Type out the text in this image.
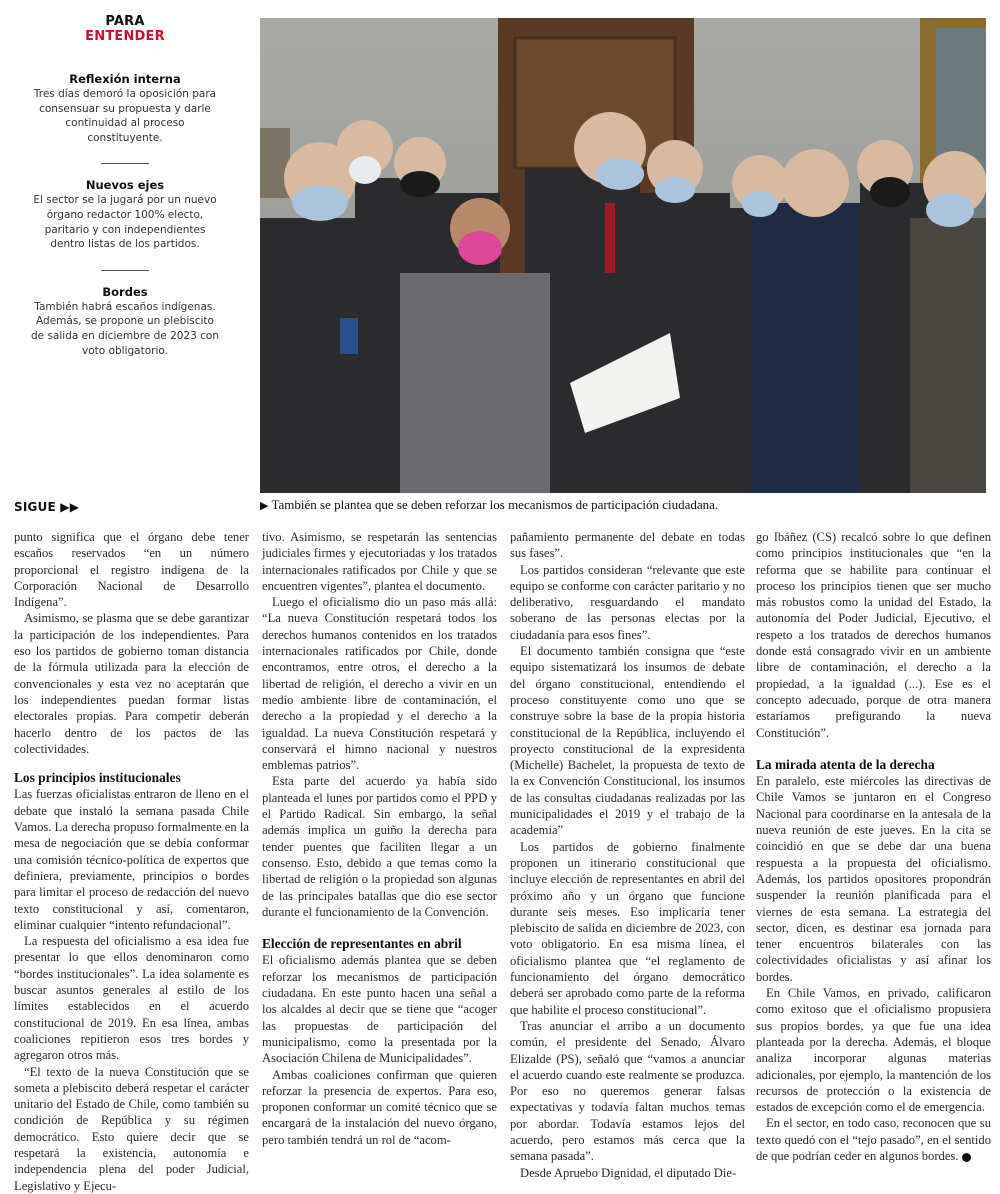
PARA
ENTENDER
Reflexión interna
Tres días demoró la oposición para consensuar su propuesta y darle continuidad al proceso constituyente.
Nuevos ejes
El sector se la jugará por un nuevo órgano redactor 100% electo, paritario y con independientes dentro listas de los partidos.
Bordes
También habrá escaños indígenas. Además, se propone un plebiscito de salida en diciembre de 2023 con voto obligatorio.
▶ También se plantea que se deben reforzar los mecanismos de participación ciudadana.
SIGUE ▶▶

punto significa que el órgano debe tener escaños reservados “en un número proporcional el registro indígena de la Corporación Nacional de Desarrollo Indígena”.

Asimismo, se plasma que se debe garantizar la participación de los independientes. Para eso los partidos de gobierno toman distancia de la fórmula utilizada para la elección de convencionales y esta vez no aceptarán que los independientes puedan formar listas electorales propias. Para competir deberán hacerlo dentro de los pactos de las colectividades.

Los principios institucionales

Las fuerzas oficialistas entraron de lleno en el debate que instaló la semana pasada Chile Vamos. La derecha propuso formalmente en la mesa de negociación que se debía conformar una comisión técnico-política de expertos que definiera, previamente, principios o bordes para limitar el proceso de redacción del nuevo texto constitucional y así, comentaron, eliminar cualquier “intento refundacional”.

La respuesta del oficialismo a esa idea fue presentar lo que ellos denominaron como “bordes institucionales”. La idea solamente es buscar asuntos generales al estilo de los límites establecidos en el acuerdo constitucional de 2019. En esa línea, ambas coaliciones repitieron esos tres bordes y agregaron otros más.

“El texto de la nueva Constitución que se someta a plebiscito deberá respetar el carácter unitario del Estado de Chile, como también su condición de República y su régimen democrático. Esto quiere decir que se respetará la existencia, autonomía e independencia plena del poder Judicial, Legislativo y Ejecu-

tivo. Asimismo, se respetarán las sentencias judiciales firmes y ejecutoriadas y los tratados internacionales ratificados por Chile y que se encuentren vigentes”, plantea el documento.

Luego el oficialismo dio un paso más allá: “La nueva Constitución respetará todos los derechos humanos contenidos en los tratados internacionales ratificados por Chile, donde encontramos, entre otros, el derecho a la libertad de religión, el derecho a vivir en un medio ambiente libre de contaminación, el derecho a la propiedad y el derecho a la igualdad. La nueva Constitución respetará y conservará el himno nacional y nuestros emblemas patrios”.

Esta parte del acuerdo ya había sido planteada el lunes por partidos como el PPD y el Partido Radical. Sin embargo, la señal además implica un guiño la derecha para tender puentes que faciliten llegar a un consenso. Esto, debido a que temas como la libertad de religión o la propiedad son algunas de las principales batallas que dio ese sector durante el funcionamiento de la Convención.

Elección de representantes en abril

El oficialismo además plantea que se deben reforzar los mecanismos de participación ciudadana. En este punto hacen una señal a los alcaldes al decir que se tiene que “acoger las propuestas de participación del municipalismo, como la presentada por la Asociación Chilena de Municipalidades”.

Ambas coaliciones confirman que quieren reforzar la presencia de expertos. Para eso, proponen conformar un comité técnico que se encargará de la instalación del nuevo órgano, pero también tendrá un rol de “acom-

pañamiento permanente del debate en todas sus fases”.

Los partidos consideran “relevante que este equipo se conforme con carácter paritario y no deliberativo, resguardando el mandato soberano de las personas electas por la ciudadanía para esos fines”.

El documento también consigna que “este equipo sistematizará los insumos de debate del órgano constitucional, entendiendo el proceso constituyente como uno que se construye sobre la base de la propia historia constitucional de la República, incluyendo el proyecto constitucional de la expresidenta (Michelle) Bachelet, la propuesta de texto de la ex Convención Constitucional, los insumos de las consultas ciudadanas realizadas por las municipalidades el 2019 y el trabajo de la academia”

Los partidos de gobierno finalmente proponen un itinerario constitucional que incluye elección de representantes en abril del próximo año y un órgano que funcione durante seis meses. Eso implicaría tener plebiscito de salida en diciembre de 2023, con voto obligatorio. En esa misma línea, el oficialismo plantea que “el reglamento de funcionamiento del órgano democrático deberá ser aprobado como parte de la reforma que habilite el proceso constitucional”.

Tras anunciar el arribo a un documento común, el presidente del Senado, Álvaro Elizalde (PS), señaló que “vamos a anunciar el acuerdo cuando este realmente se produzca. Por eso no queremos generar falsas expectativas y todavía faltan muchos temas por abordar. Todavía estamos lejos del acuerdo, pero estamos más cerca que la semana pasada”.

Desde Apruebo Dignidad, el diputado Die-

go Ibáñez (CS) recalcó sobre lo que definen como principios institucionales que “en la reforma que se habilite para continuar el proceso los principios tienen que ser mucho más robustos como la unidad del Estado, la autonomía del Poder Judicial, Ejecutivo, el respeto a los tratados de derechos humanos donde está consagrado vivir en un ambiente libre de contaminación, el derecho a la propiedad, a la igualdad (...). Ese es el concepto adecuado, porque de otra manera estaríamos prefigurando la nueva Constitución”.

La mirada atenta de la derecha

En paralelo, este miércoles las directivas de Chile Vamos se juntaron en el Congreso Nacional para coordinarse en la antesala de la nueva reunión de este jueves. En la cita se coincidió en que se debe dar una buena respuesta a la propuesta del oficialismo. Además, los partidos opositores propondrán suspender la reunión planificada para el viernes de esta semana. La estrategia del sector, dicen, es destinar esa jornada para tener encuentros bilaterales con las colectividades oficialistas y así afinar los bordes.

En Chile Vamos, en privado, calificaron como exitoso que el oficialismo propusiera sus propios bordes, ya que fue una idea planteada por la derecha. Además, el bloque analiza incorporar algunas materias adicionales, por ejemplo, la mantención de los recursos de protección o la existencia de estados de excepción como el de emergencia.

En el sector, en todo caso, reconocen que su texto quedó con el “tejo pasado”, en el sentido de que podrían ceder en algunos bordes.
